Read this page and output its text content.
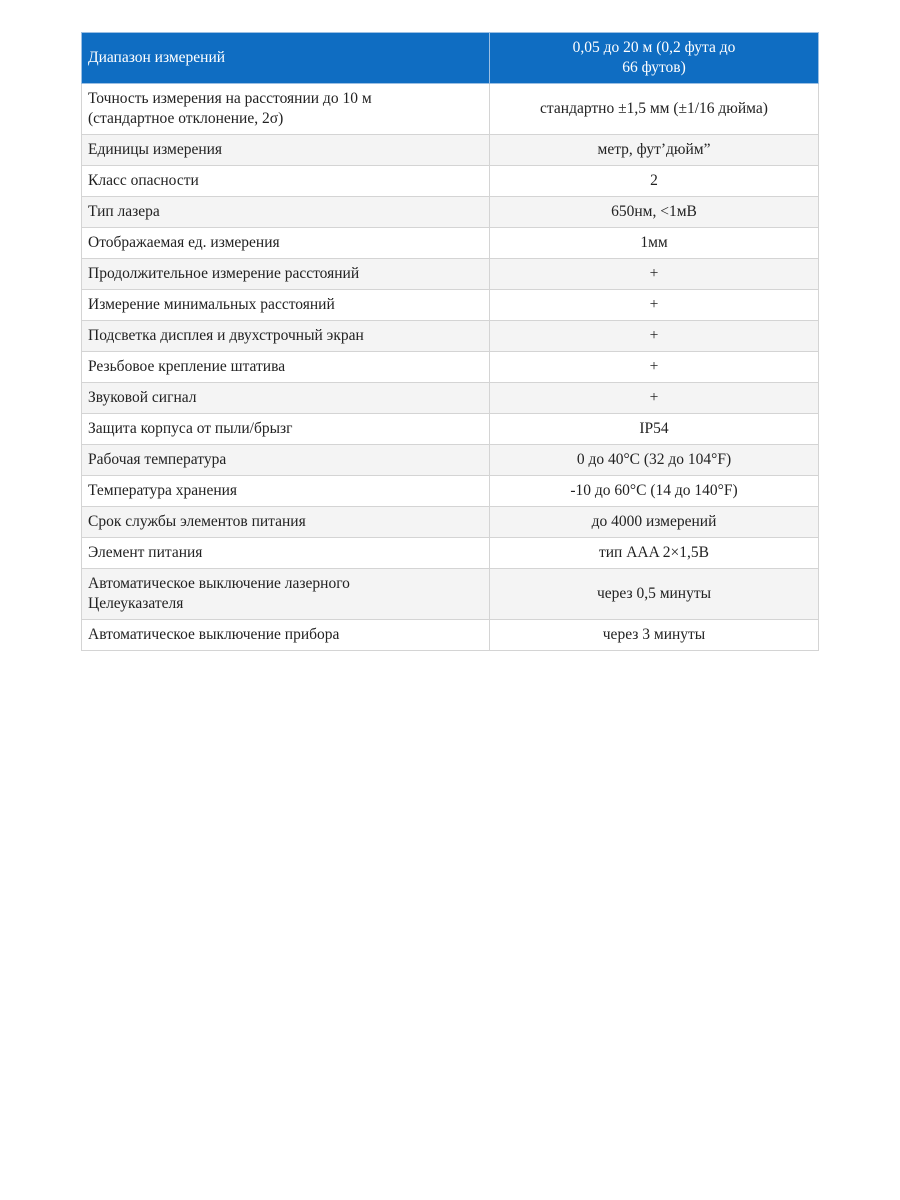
Диапазон измерений	0,05 до 20 м (0,2 фута до
66 футов)
Точность измерения на расстоянии до 10 м
(стандартное отклонение, 2σ)	стандартно ±1,5 мм (±1/16 дюйма)
Единицы измерения	метр, фут’дюйм”
Класс опасности	2
Тип лазера	650нм, <1мВ
Отображаемая ед. измерения	1мм
Продолжительное измерение расстояний	+
Измерение минимальных расстояний	+
Подсветка дисплея и двухстрочный экран	+
Резьбовое крепление штатива	+
Звуковой сигнал	+
Защита корпуса от пыли/брызг	IP54
Рабочая температура	0 до 40°C (32 до 104°F)
Температура хранения	-10 до 60°C (14 до 140°F)
Срок службы элементов питания	до 4000 измерений
Элемент питания	тип AAA 2×1,5В
Автоматическое выключение лазерного
Целеуказателя	через 0,5 минуты
Автоматическое выключение прибора	через 3 минуты
